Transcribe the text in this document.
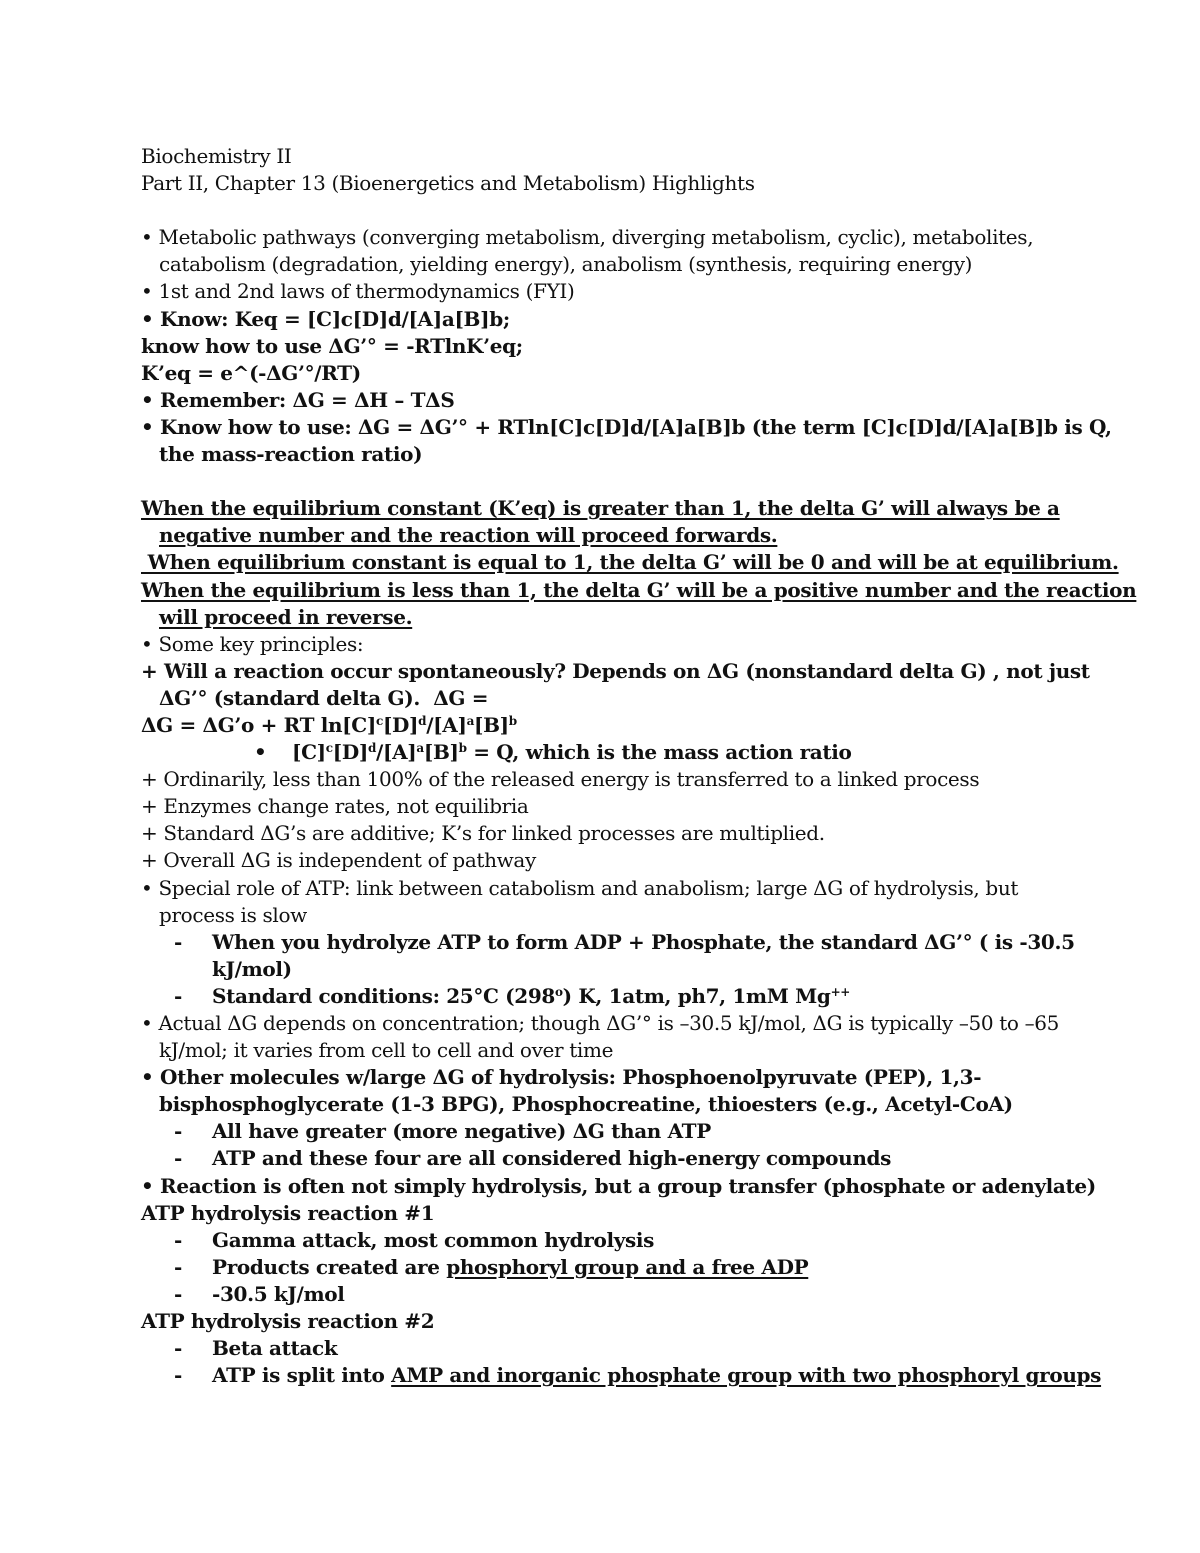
Biochemistry II
Part II, Chapter 13 (Bioenergetics and Metabolism) Highlights
• Metabolic pathways (converging metabolism, diverging metabolism, cyclic), metabolites,
catabolism (degradation, yielding energy), anabolism (synthesis, requiring energy)
• 1st and 2nd laws of thermodynamics (FYI)
• Know: Keq = [C]c[D]d/[A]a[B]b;
know how to use ΔG’° = -RTlnK’eq;
K’eq = e^(-ΔG’°/RT)
• Remember: ΔG = ΔH – TΔS
• Know how to use: ΔG = ΔG’° + RTln[C]c[D]d/[A]a[B]b (the term [C]c[D]d/[A]a[B]b is Q,
the mass-reaction ratio)
When the equilibrium constant (K’eq) is greater than 1, the delta G’ will always be a
negative number and the reaction will proceed forwards.
When equilibrium constant is equal to 1, the delta G’ will be 0 and will be at equilibrium.
When the equilibrium is less than 1, the delta G’ will be a positive number and the reaction
will proceed in reverse.
• Some key principles:
+ Will a reaction occur spontaneously? Depends on ΔG (nonstandard delta G) , not just
ΔG’° (standard delta G).  ΔG =
ΔG = ΔG’o + RT $\ln[C]^c[D]^d/[A]^a[B]^b$
• $[C]^c[D]^d/[A]^a[B]^b = Q$, which is the mass action ratio
+ Ordinarily, less than 100% of the released energy is transferred to a linked process
+ Enzymes change rates, not equilibria
+ Standard ΔG’s are additive; K’s for linked processes are multiplied.
+ Overall ΔG is independent of pathway
• Special role of ATP: link between catabolism and anabolism; large ΔG of hydrolysis, but
process is slow
- When you hydrolyze ATP to form ADP + Phosphate, the standard ΔG’° ( is -30.5
kJ/mol)
- Standard conditions: 25°C (298$^o$) K, 1atm, ph7, 1mM Mg++
• Actual ΔG depends on concentration; though ΔG’° is –30.5 kJ/mol, ΔG is typically –50 to –65
kJ/mol; it varies from cell to cell and over time
• Other molecules w/large ΔG of hydrolysis: Phosphoenolpyruvate (PEP), 1,3-
bisphosphoglycerate (1-3 BPG), Phosphocreatine, thioesters (e.g., Acetyl-CoA)
- All have greater (more negative) ΔG than ATP
- ATP and these four are all considered high-energy compounds
• Reaction is often not simply hydrolysis, but a group transfer (phosphate or adenylate)
ATP hydrolysis reaction #1
- Gamma attack, most common hydrolysis
- Products created are phosphoryl group and a free ADP
- -30.5 kJ/mol
ATP hydrolysis reaction #2
- Beta attack
- ATP is split into AMP and inorganic phosphate group with two phosphoryl groups
